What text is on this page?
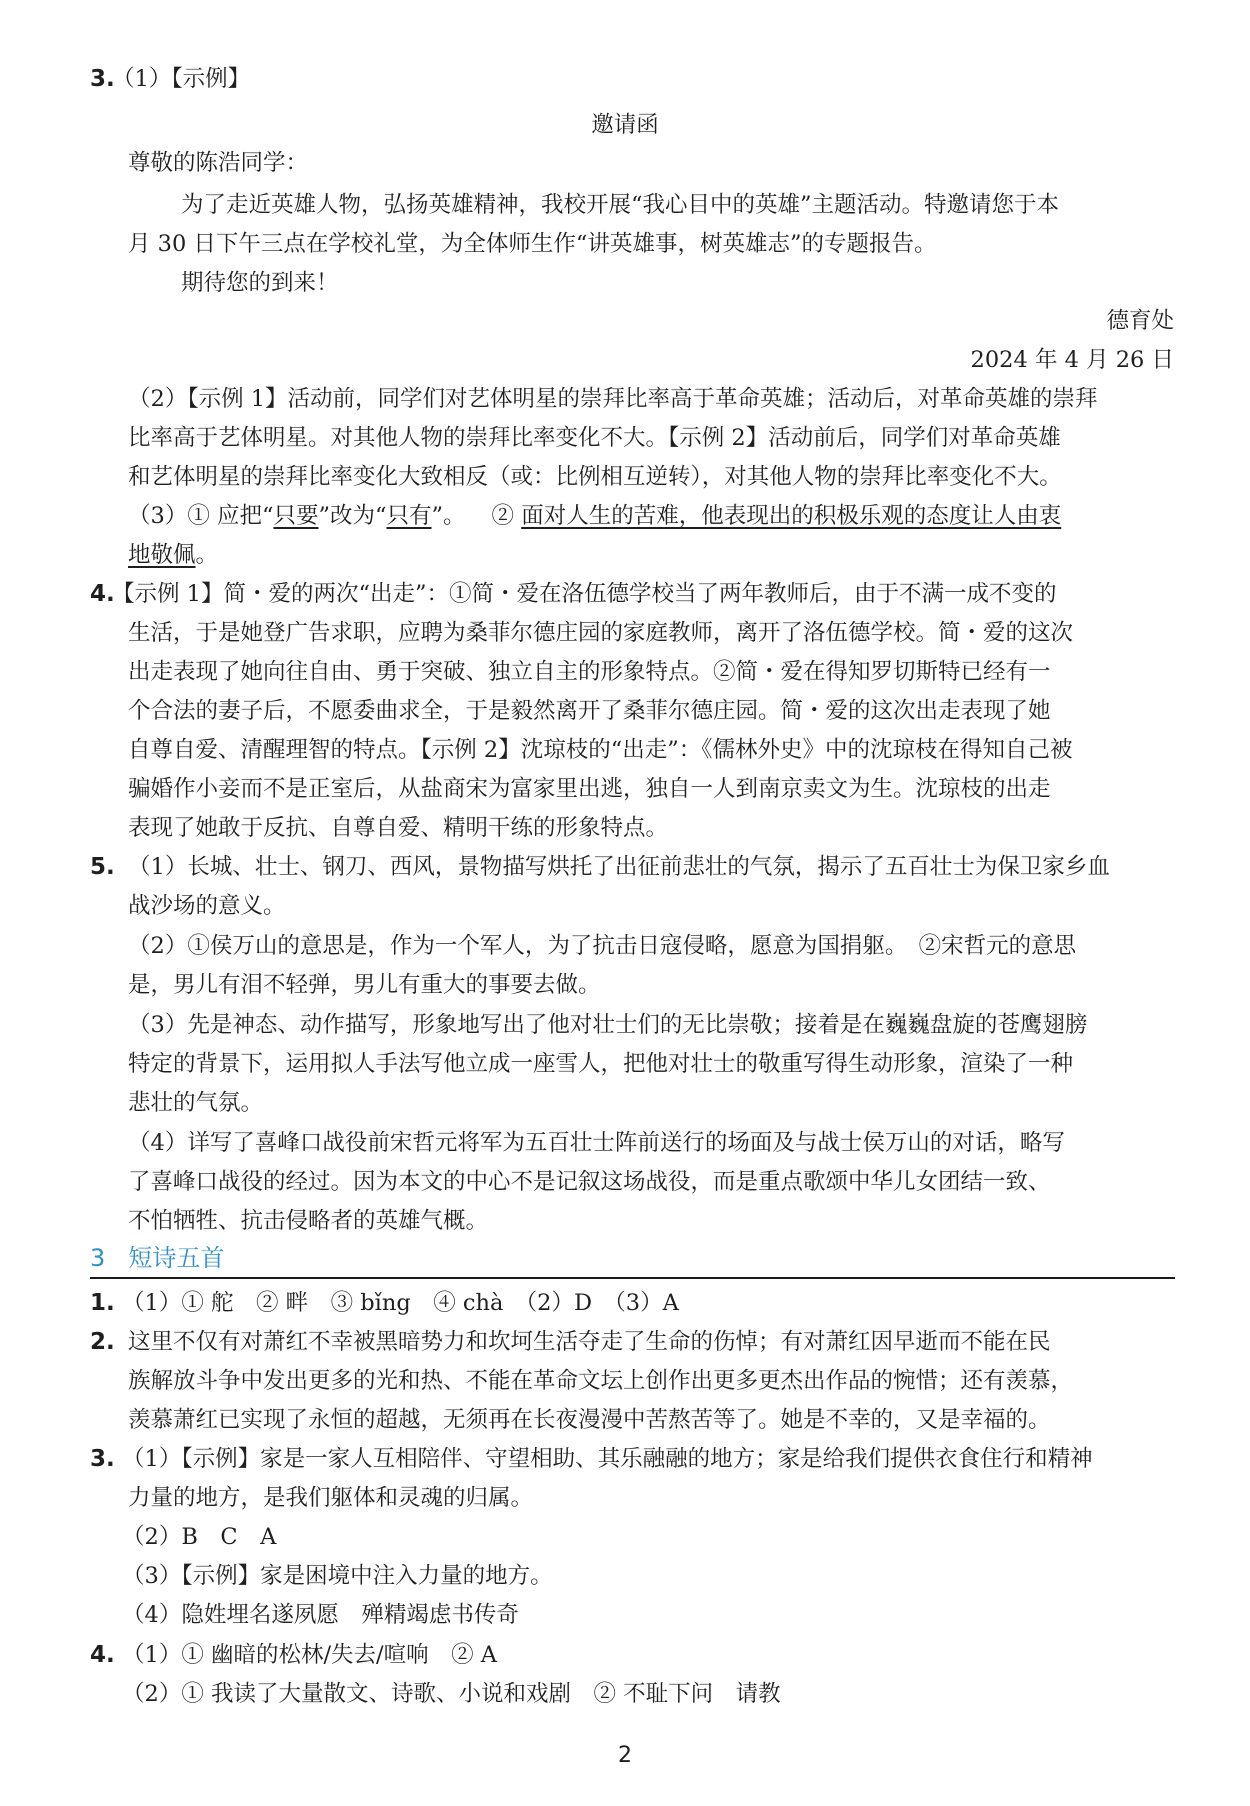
3.
（1）【示例】
邀请函
尊敬的陈浩同学：
为了走近英雄人物，弘扬英雄精神，我校开展“我心目中的英雄”主题活动。特邀请您于本
月 30 日下午三点在学校礼堂，为全体师生作“讲英雄事，树英雄志”的专题报告。
期待您的到来！
德育处
2024 年 4 月 26 日
（2）【示例 1】活动前，同学们对艺体明星的崇拜比率高于革命英雄；活动后，对革命英雄的崇拜
比率高于艺体明星。对其他人物的崇拜比率变化不大。【示例 2】活动前后，同学们对革命英雄
和艺体明星的崇拜比率变化大致相反（或：比例相互逆转），对其他人物的崇拜比率变化不大。
（3）① 应把“只要”改为“只有”。 ② 面对人生的苦难，他表现出的积极乐观的态度让人由衷
地敬佩。
4.
【示例 1】简・爱的两次“出走”：①简・爱在洛伍德学校当了两年教师后，由于不满一成不变的
生活，于是她登广告求职，应聘为桑菲尔德庄园的家庭教师，离开了洛伍德学校。简・爱的这次
出走表现了她向往自由、勇于突破、独立自主的形象特点。②简・爱在得知罗切斯特已经有一
个合法的妻子后，不愿委曲求全，于是毅然离开了桑菲尔德庄园。简・爱的这次出走表现了她
自尊自爱、清醒理智的特点。【示例 2】沈琼枝的“出走”：《儒林外史》中的沈琼枝在得知自己被
骗婚作小妾而不是正室后，从盐商宋为富家里出逃，独自一人到南京卖文为生。沈琼枝的出走
表现了她敢于反抗、自尊自爱、精明干练的形象特点。
5. （1）长城、壮士、钢刀、西风，景物描写烘托了出征前悲壮的气氛，揭示了五百壮士为保卫家乡血
战沙场的意义。
（2）①侯万山的意思是，作为一个军人，为了抗击日寇侵略，愿意为国捐躯。　②宋哲元的意思
是，男儿有泪不轻弹，男儿有重大的事要去做。
（3）先是神态、动作描写，形象地写出了他对壮士们的无比崇敬；接着是在巍巍盘旋的苍鹰翅膀
特定的背景下，运用拟人手法写他立成一座雪人，把他对壮士的敬重写得生动形象，渲染了一种
悲壮的气氛。
（4）详写了喜峰口战役前宋哲元将军为五百壮士阵前送行的场面及与战士侯万山的对话，略写
了喜峰口战役的经过。因为本文的中心不是记叙这场战役，而是重点歌颂中华儿女团结一致、
不怕牺牲、抗击侵略者的英雄气概。
3 短诗五首
1. （1）① 舵　② 畔　③ bǐng　④ chà　（2）D　（3）A
2. 这里不仅有对萧红不幸被黑暗势力和坎坷生活夺走了生命的伤悼；有对萧红因早逝而不能在民
族解放斗争中发出更多的光和热、不能在革命文坛上创作出更多更杰出作品的惋惜；还有羡慕，
羡慕萧红已实现了永恒的超越，无须再在长夜漫漫中苦熬苦等了。她是不幸的，又是幸福的。
3. （1）【示例】家是一家人互相陪伴、守望相助、其乐融融的地方；家是给我们提供衣食住行和精神
力量的地方，是我们躯体和灵魂的归属。
（2）B　C　A
（3）【示例】家是困境中注入力量的地方。
（4）隐姓埋名遂夙愿　殚精竭虑书传奇
4. （1）① 幽暗的松林/失去/喧响　② A
（2）① 我读了大量散文、诗歌、小说和戏剧　② 不耻下问　请教
2
